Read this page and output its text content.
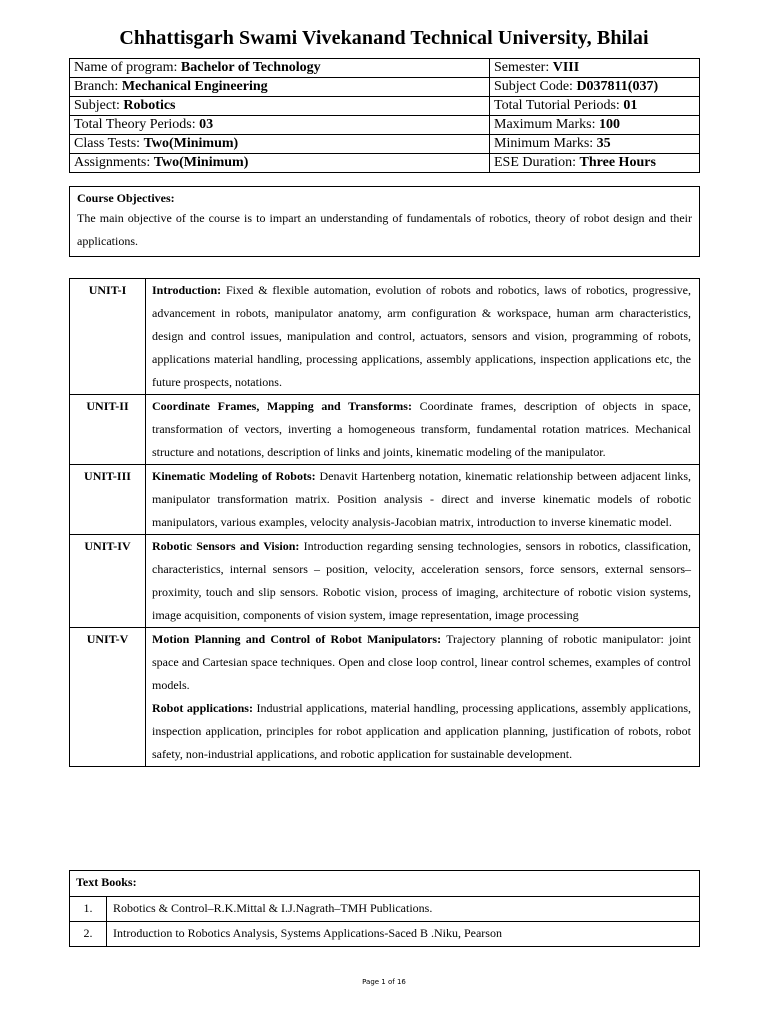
Chhattisgarh Swami Vivekanand Technical University, Bhilai
Name of program: Bachelor of Technology	Semester: VIII
Branch: Mechanical Engineering	Subject Code: D037811(037)
Subject: Robotics	Total Tutorial Periods: 01
Total Theory Periods: 03	Maximum Marks: 100
Class Tests: Two(Minimum)	Minimum Marks: 35
Assignments: Two(Minimum)	ESE Duration: Three Hours
Course Objectives:
The main objective of the course is to impart an understanding of fundamentals of robotics, theory of robot design and their applications.
UNIT-I	Introduction: Fixed & flexible automation, evolution of robots and robotics, laws of robotics, progressive, advancement in robots, manipulator anatomy, arm configuration & workspace, human arm characteristics, design and control issues, manipulation and control, actuators, sensors and vision, programming of robots, applications material handling, processing applications, assembly applications, inspection applications etc, the future prospects, notations.
UNIT-II	Coordinate Frames, Mapping and Transforms: Coordinate frames, description of objects in space, transformation of vectors, inverting a homogeneous transform, fundamental rotation matrices. Mechanical structure and notations, description of links and joints, kinematic modeling of the manipulator.
UNIT-III	Kinematic Modeling of Robots: Denavit Hartenberg notation, kinematic relationship between adjacent links, manipulator transformation matrix. Position analysis - direct and inverse kinematic models of robotic manipulators, various examples, velocity analysis-Jacobian matrix, introduction to inverse kinematic model.
UNIT-IV	Robotic Sensors and Vision: Introduction regarding sensing technologies, sensors in robotics, classification, characteristics, internal sensors – position, velocity, acceleration sensors, force sensors, external sensors–proximity, touch and slip sensors. Robotic vision, process of imaging, architecture of robotic vision systems, image acquisition, components of vision system, image representation, image processing
UNIT-V	Motion Planning and Control of Robot Manipulators: Trajectory planning of robotic manipulator: joint space and Cartesian space techniques. Open and close loop control, linear control schemes, examples of control models.

Robot applications: Industrial applications, material handling, processing applications, assembly applications, inspection application, principles for robot application and application planning, justification of robots, robot safety, non-industrial applications, and robotic application for sustainable development.

Text Books:	
1.	Robotics & Control–R.K.Mittal & I.J.Nagrath–TMH Publications.
2.	Introduction to Robotics Analysis, Systems Applications-Saced B .Niku, Pearson
Page 1 of 16
